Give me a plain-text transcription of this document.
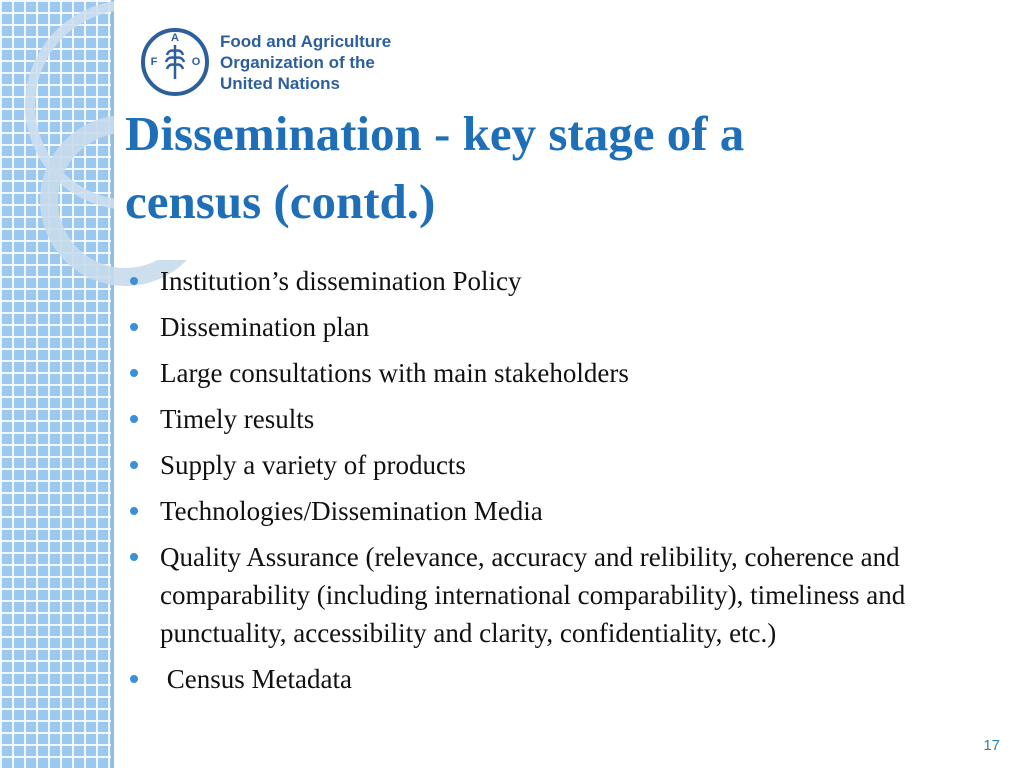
A
F	O
Food and Agriculture
Organization of the
United Nations
Dissemination - key stage of a
census (contd.)
Institution’s dissemination Policy
Dissemination plan
Large consultations with main stakeholders
Timely results
Supply a variety of products
Technologies/Dissemination Media
Quality Assurance (relevance, accuracy and relibility, coherence and comparability (including international comparability), timeliness and punctuality, accessibility and clarity, confidentiality, etc.)
Census Metadata
17
